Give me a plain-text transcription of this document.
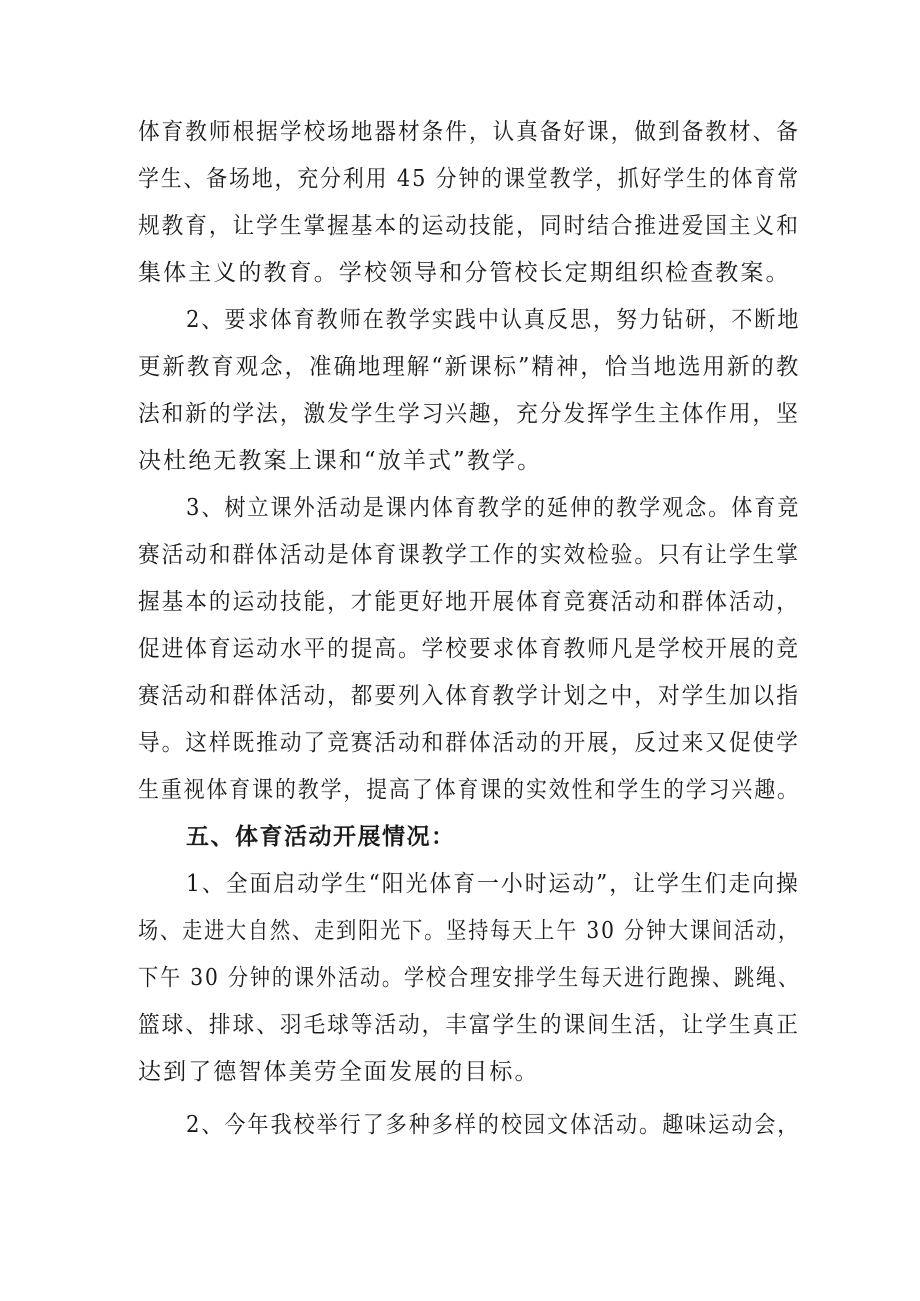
体育教师根据学校场地器材条件，认真备好课，做到备教材、备
学生、备场地，充分利用 45 分钟的课堂教学，抓好学生的体育常
规教育，让学生掌握基本的运动技能，同时结合推进爱国主义和
集体主义的教育。学校领导和分管校长定期组织检查教案。
2、要求体育教师在教学实践中认真反思，努力钻研，不断地
更新教育观念，准确地理解“新课标”精神，恰当地选用新的教
法和新的学法，激发学生学习兴趣，充分发挥学生主体作用，坚
决杜绝无教案上课和“放羊式”教学。
3、树立课外活动是课内体育教学的延伸的教学观念。体育竞
赛活动和群体活动是体育课教学工作的实效检验。只有让学生掌
握基本的运动技能，才能更好地开展体育竞赛活动和群体活动，
促进体育运动水平的提高。学校要求体育教师凡是学校开展的竞
赛活动和群体活动，都要列入体育教学计划之中，对学生加以指
导。这样既推动了竞赛活动和群体活动的开展，反过来又促使学
生重视体育课的教学，提高了体育课的实效性和学生的学习兴趣。
五、体育活动开展情况：
1、全面启动学生“阳光体育一小时运动”，让学生们走向操
场、走进大自然、走到阳光下。坚持每天上午 30 分钟大课间活动，
下午 30 分钟的课外活动。学校合理安排学生每天进行跑操、跳绳、
篮球、排球、羽毛球等活动，丰富学生的课间生活，让学生真正
达到了德智体美劳全面发展的目标。
2、今年我校举行了多种多样的校园文体活动。趣味运动会，
